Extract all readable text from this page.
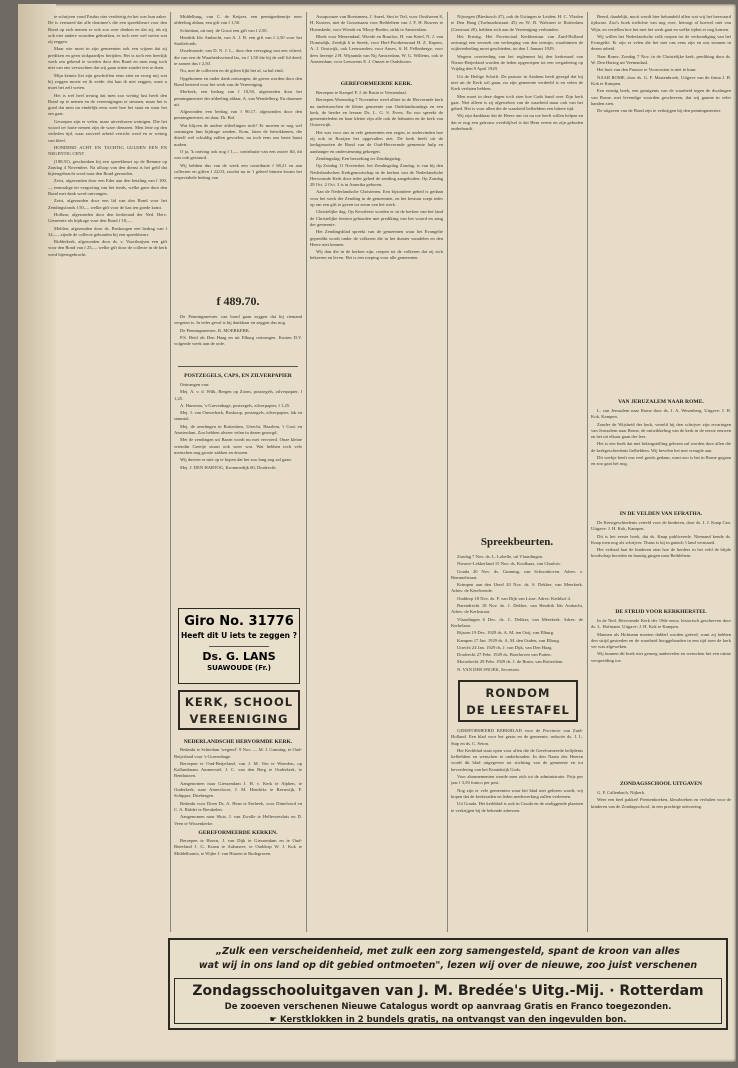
te schrijven vond Paulus niet verdrietig én het was hun zaker. De is vermoed dat alle dominee's die een spreekbeurt voor den Bond op zich nemen er ook zoo over denken en dat zij, als zij ook niet andere woorden gebruiken, er toch zeer wel weten wat zij zeggen.

Maar wie moet in zijn gemeenten ook een wijzen dat zij prediken en geen stokpaardjes berijden. Het is toch een heerlijk werk om gekend te worden door den Bond en men mag toch niet van ons verwachten dat wij gaan zitten zonder iets te doen.

Mijn kennis liet zijn geschriften eens zien en vroeg mij wat hij zeggen moest en ik zeide: dat kan ik niet zeggen, want u moet het zelf weten.

Het is wel heel treurig dat men zoo weinig lust heeft den Bond op te nemen en de vereenigingen te steunen, maar het is goed dat men nu eindelijk eens weet hoe het staat en waar het om gaat.

Geroepen zijn er velen, maar uitverkoren weinigen. Die het woord ter harte nemen zijn de ware dienaren. Men lette op den verleden tijd, waar zooveel arbeid verricht werd en er weinig van bleef.

HONDERD ACHT EN TACHTIG GULDEN EEN EN NEGENTIG CENT

(188,91), geschonken bij een spreekbeurt op de Remme op Zondag 4 November. Na afloop van den dienst is het geld dat bijeengebracht werd naar den Bond gezonden.

Zeist, afgezonden door een Eder aan den betaling van f 100,— eenmalige ter vergroting van het fonds, welke gave door den Bond met dank werd ontvangen.

Zeist, afgezonden door een lid van den Bond voor het Zendingsfonds f 50,— welke gift voor de kas ten goede komt.

Hollum, afgezonden door den kerkeraad der Ned. Herv. Gemeente als bijdrage voor den Bond f 18,—

Melden, afgezonden door ds. Bosboogen een bedrag van f 34,—, zijnde de collecte gehouden bij een spreekbeurt.

Ridderkerk, afgezonden door ds. v. Voorthuijsen een gift voor den Bond van f 25,— welke gift door de collecte in de kerk werd bijeengebracht.

Middelburg, van C. de Keijzer, een pennigenbeurtje neer afdeeling aldaar, een gift van f 1,50.

Schiedam, uit mej. de Groot een gift van f 2,50.

Hendrik Ido Ambacht, van A. J. B. een gift van f 2,50 voor het Studiefonds.

IJsselmonde, van D. N. J. L., door den vervaging van een viltred, die van een de Waarheidsvriend las, en f 1,50 die bij de zelf lid deed; te zamen dus f 2,50.

Nu, met de collecten en de giften lijkt het al, sa hal eind.

Opgekomen en onder dank ontvangen, de gaven worden door den Bond besteed voor het werk van de Vereeniging.

Merkerk, een bedrag van f 10,50, afgezonden door het penningmeester der afdeeling aldaar, A. van Wendelberg. En daarmee uit.

Afgezonden een bedrag van f 90,17, afgezonden door den penningmeester, en daar, Dr. Bol.

Wat blijven de andere afdeelingen toch? Er moeten er nog wel sommigen hun bijdrage zenden. Kom, laten de betrokkenen, die ditzelf wel schuldig zullen gevoelen, nu toch eens ons beste haast maken.

O ja, 'k ontving ook nog f 1,— contributie van een zuster fld, dit was ook gestuurd.

Wij hebben dus van de week een contributie f 68,21 en aan collecten en giften f 22,03, zoodat nu in 't geheel binnen kwam het respectabele bedrag van

f 489.70.

De Penningmeester van bond gaan zeggen dat hij riemand vergeten is. In ieder geval is hij dankbaar en zeggen dus nog.

De Penningmeester, R. MOERKERK.

P.S. Beid als Den Haag en uit Elburg ontvangen. Kosten D.V. volgende week aan de orde.

POSTZEGELS, CAPS, EN ZILVERPAPIER

Ontvangen van:

Mej. A. v. d. Wilk, Bergen op Zoom, postzegels, zilverpapier, f 1,25.

A. Harsema, 's-Gravenhage, postzegels, zilverpapier, f 1,25.

Mej. J. van Ouwerkerk, Boskoop, postzegels, zilverpapier, lak en stanniol.

Mej. de zendingen in Rotterdam, Utrecht, Haarlem, 't Gooi en Amsterdam. Zoo hebben alweer velen in dezen gezorgd.

Met de zendingen uit Baarn wordt nu mei vervoerd. Onze kleine vriendin Greetje stuurt ook weer wat. Wat hebben toch vele menschen nog groote zakken en doozen.

Wij durven er niet op te hopen dat het zoo lang nog zal gaan.

Mej. J. DEN HARTOG, Krommedijk 60, Dordrecht.

Giro No. 31776
Heeft dit U iets te zeggen ?
Ds. G. LANS
SUAWOUDE (Fr.)
KERK, SCHOOL
VEREENIGING
NEDERLANDSCHE HERVORMDE KERK.

Bedankt te Schiedam 'wegend'. 9 Nov. — M. J. Gunning, te Oud-Beijerland voor 's-Gravenhage.

Beroepen te Oud-Beijerland, van J. M. Ven te Woerden, op Kallandmans Ammerstel, J. C. van den Berg te Ouderkerk, te Benthuizen.

Aangenomen naar Giessendam J. H. v. Kerk te Alphen, te Ouderkerk, naar Amersfoort, J. M. Hendriks te Reeuwijk, F. Schipper, Driebergen.

Bedankt voor Doen Ds. A. Heus te Eerbeek, voor Dinteloord en C. A. Ridder te Breukelen.

Aangenomen naar Sluis, J. van Zwolle te Hellevoetsluis en D. Veen te Wissenkerke.

GEREFORMEERDE KERKEN.

Beroepen te Hoorn, J. van Dijk te Giessendam en te Oud-Beierland J. G. Kraan te Aalsmeer; te Ouddorp W. J. Kok te Middelharnis, te Wijhe J. van Huizen te Bodegraven.

Assapoonze van Boetsmens, J. Sneel, Sint te Tiel, voor Oosthaven 8, H. Kusters, met de Gossenaam voor Bethlehem van J. F. H. Buwers te Hoenskede, voor Wierde en 'Mooy-Breder, sirkk te Amsterdam.

Bleek voor Meerendaal, Wierde en Ruurloo, H. van Ketel, N. J. van Domisdijk, Zeedijk 6 te Sneek, voor Herf-Pooikensraad H. Z. Kupers, A. J. Oostwijk, ook Leeuwarden; voor Anses, S. H. Fellenberge, voor dees lierenje 2 H. Wijnanda van Nij Amsterdam, W. G. Willems, ook te Amsterdam; voor Leeuwens E. J. Omzet te Oudshoorn.

GEREFORMEERDE KERK.

Beroepen te Karspel P. J. de Bruin te Veenendaal.

Beroepen Woensdag 7 November werd alhier in de Hervormde kerk na ondertusschen de kleine gemeente van Oudelandzondags en een kerk, de herder en leeraar Ds. L. G. S. Evers. En zoo spreekt de gemeenteleden en haar kleine zijn alle ook de lidmaten en de kerk van Oosterwijk.

Het was voor ons in vele gemeenten een zegen, te ondervinden hoe zij ook in Rooijen het opgevallen ziet. De kerk heeft uit de kerkgenooten de Bond van de Oud-Hervormde gemeente hulp en aanhanger en ondersteuning gekregen.

Zendingsdag. Een bezoeking ter Zendingsdag.

Op Zondag 11 November, het Zendingsdag Zondag, is van bij den Nederlandschen Kerkgenootschap in de kerken van de Nederlandsche Hervormde Kerk door ieder gebed de zending aangeboden. Op Zondag 28 Oct. 2 Oct. 3 is in Amerika geboren.

Aan de Nederlandsche Christenen. Een bijzondere gebed is gedaan voor het werk der Zending in de gemeenten, en het bestuur roept ieder op om een gift te geven tot steun van het werk.

Christelijke dag. Op Kerstfeest worden er in de kerken van het land de Christelijke feesten gehouden met prediking van het woord en zang der gemeente.

Het Zendingsblad spreekt van de gemeenten waar het Evangelie gepredikt wordt onder de volkeren die in het duister wandelen en den Heere niet kennen.

Wij dan die in de kerken zijn, roepen tot de volkeren dat zij zich bekeeren en leven. Het is een roeping voor alle gemeenten.

Nijwegen (Biesbosch 47), ook de Ustingen te Leiden; H. C. Vlaslen te Den Haag (Turfmarktstraat 45) en W. B. Walvaert te Rotterdam (Gerstraat 20), hebben zich aan de Vereeniging verbonden.

Het Ernstig. Het Provinciaal Kerkbestuur van Zuid-Holland ontvangt een verzoek om verlenging van den termijn, waarbinnen de wijkverdeeling moet geschieden, tot den 1 Januari 1929.

Wegens overtreding van het reglement bij den kerkeraad van Nieuw-Beijerland worden de leden opgeroepen tot een vergadering op Vrijdag den 9 April 1929.

Uit de Heilige Schrift. De pastoor in Arnhem heeft gezegd dat hij niet uit de Kerk wil gaan, nu zijn gemeente verdeeld is en velen de Kerk verlaten hebben.

Men moet in deze dagen toch zien hoe Gods hand over Zijn kerk gaat. Niet alleen is zij afgeweken van de waarheid maar ook van het gebed. Het is voor allen die de waarheid liefhebben een bittere tijd.

Wij zijn dankbaar dat de Heere ons tot nu toe heeft willen helpen en dat er nog een getrouw overblijfsel is dat Hem vreest en zijn geboden onderhoudt.

Spreekbeurten.

Zondag 7 Nov. ds. L. Lobelle, uit Vlaardingen.

Nieuwe-Lekkerland 15 Nov. ds. Koolhaas, van Charlois.

Gouda 20 Nov. ds. Gunning, van Schoonhoven. Adres: v. Bemmelstraat.

Krimpen aan den IJssel 20 Nov. ds. S. Dekker, van Meerkerk. Adres: de Ketelwende.

Ouddorp 18 Nov. ds. F. van Dijk van Lisse. Adres: Kerkhof 4.

Barendrecht 18 Nov. ds. J. Dekker, van Hendrik Ido Ambacht, Adres: de Kerkstraat.

Vlaardingen 6 Dec. ds. C. Dekker, van Meerkerk. Adres: de Kerkelaan.

Rijssen 19 Dec. 1929 ds. A. M. ten Ooij, van Elburg.

Kampen 17 Jan. 1929 ds. A. M. den Ouden, van Elburg.

Utrecht 24 Jan. 1929 ds. J. van Dijk, van Den Haag.

Dordrecht 27 Febr. 1929 ds. Boerhoven van Putten.

Moordrecht 29 Febr. 1929 ds. J. de Bruin, van Rotterdam.

N. VAN DER SNOEK, Secretaris.

RONDOM
DE LEESTAFEL

GEREFORMEERD KERKBLAD voor de Provincie van Zuid-Holland. Een blad voor het gezin en de gemeente, redactie ds. J. L. Stap en ds. C. Seton.

Het Kerkblad staat open voor allen die de Gereformeerde belijdenis liefhebben en wenschen te onderhouden. In den Naam des Heeren wordt dit blad uitgegeven tot stichting van de gemeente en tot bevordering van het Koninkrijk Gods.

Voor abonnementen wende men zich tot de administratie. Prijs per jaar f 3,50 franco per post.

Nog zijn er vele gemeenten waar het blad niet gelezen wordt; wij hopen dat de kerkeraden en leden medewerking zullen verleenen.

Uit Gouda. Het kerkblad is ook in Gouda en de omliggende plaatsen te verkrijgen bij de bekende adressen.

Beerd, daadelijk, nooit wordt hier behandeld allen wat wij het bezwaard tijdsrust. Zoo's boek toelichte van nog over, betoogt al hoewel niet van Wijn, en vertellen hoe het met het werk gaat en welke tijden er nog komen.

Wij willen het Nederlandsche volk roepen tot de verkondiging van het Evangelie. Er zijn er velen die het met ons eens zijn en ons steunen in dezen arbeid.

Naar Rome, Zondag 7 Nov. in de Christelijke kerk, prediking door ds. W. Den Hartog uit Veenendaal.

Het huis van den Pastoor te Vooroosten is niet te huur.

NAAR ROME, door ds. G. F. Mastenbroek, Uitgave van de firma J. H. Kok te Kampen.

Een ernstig boek, een getuigenis van de waarheid tegen de dwalingen van Rome, met levendige woorden geschreven, dat wij gaarne in veler handen zien.

De uitgaven van de Bond zijn te verkrijgen bij den penningmeester.

VAN JERUZALEM NAAR ROME.

L. van Jerusalem naar Rome door ds. J. A. Wesenberg. Uitgave: J. H. Kok, Kampen.

Zonder de Wijsheid der kerk, verteld hij den schrijver zijn ervaringen van Jeruzalem naar Rome, de ontwikkeling van de kerk in de eerste eeuwen en het uit elkaar gaan der leer.

Het is een boek dat met belangstelling gelezen zal worden door allen die de kerkgeschiedenis liefhebben. Wij bevelen het met vreugde aan.

Dit werkje heeft ons veel goeds gedaan, want zoo is het in Rome gegaan en zoo gaat het nog.

IN DE VELDEN VAN EFRATHA.

De Kerstgeschiedenis verteld voor de kinderen, door ds. J. J. Knap Czn. Uitgave: J. H. Kok, Kampen.

Dit is het eerste boek, dat ds. Knap publiceerde. Niemand kende ds. Knap toen nog als schrijver. Thans is hij in gansch 't land vermaard.

Het verhaal laat de kinderen zien hoe de herders in het veld de blijde boodschap hoorden en haastig gingen naar Bethlehem.

DE STRIJD VOOR KERKHERSTEL

In de Ned. Hervormde Kerk der 19de eeuw, historisch geschreven door ds. L. Hofmann. Uitgave: J. H. Kok te Kampen.

Mannen als Hofmann moeten dubbel worden geëerd, want zij hebben den strijd gestreden en de waarheid hooggehouden in een tijd toen de kerk ver was afgeweken.

Wij kunnen dit boek niet genoeg aanbevelen en wenschen het een ruime verspreiding toe.

ZONDAGSSCHOOL UITGAVEN

G. F. Callenbach, Nijkerk.

Weer een heel pakket! Prentenboeken, kleurboeken en verhalen voor de kinderen van de Zondagsschool, in een prachtige uitvoering.

„Zulk een verscheidenheid, met zulk een zorg samengesteld, spant de kroon van alles
wat wij in ons land op dit gebied ontmoeten", lezen wij over de nieuwe, zoo juist verschenen
Zondagsschooluitgaven van J. M. Bredée's Uitg.-Mij. · Rotterdam
De zooeven verschenen Nieuwe Catalogus wordt op aanvraag Gratis en Franco toegezonden.
☛ Kerstklokken in 2 bundels gratis, na ontvangst van den ingevulden bon.
